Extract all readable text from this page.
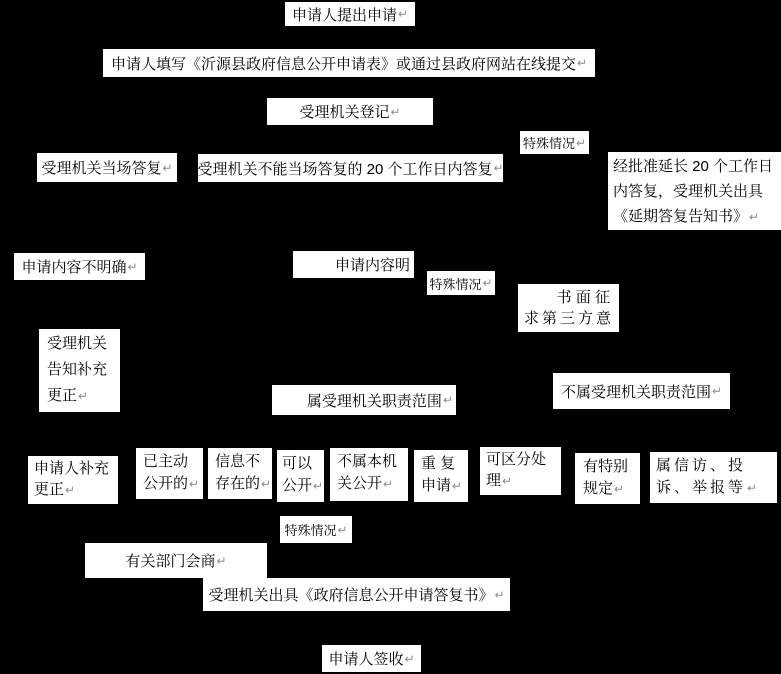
申请人提出申请 ↵
申请人填写《沂源县政府信息公开申请表》或通过县政府网站在线提交 ↵
受理机关登记 ↵
特殊情况 ↵
受理机关当场答复 ↵ 受理机关不能当场答复的 20 个工作日内答复 ↵	经批准延长 20 个工作日
内答复，受理机关出具
《延期答复告知书》↵
申请内容不明确 ↵	申请内容明
特殊情况 ↵
书 面 征
求第三方意
受理机关
告知补充
更正↵	属受理机关职责范围 ↵	不属受理机关职责范围 ↵
申请人补充
更正↵
已主动
公开的↵
信息不
存在的↵
可以
公开↵
不属本机
关公开↵
重 复
申请↵
可区分处
理↵
有特别
规定↵
属信访、投
诉、举报等↵
特殊情况 ↵
有关部门会商 ↵
受理机关出具《政府信息公开申请答复书》 ↵
申请人签收 ↵
